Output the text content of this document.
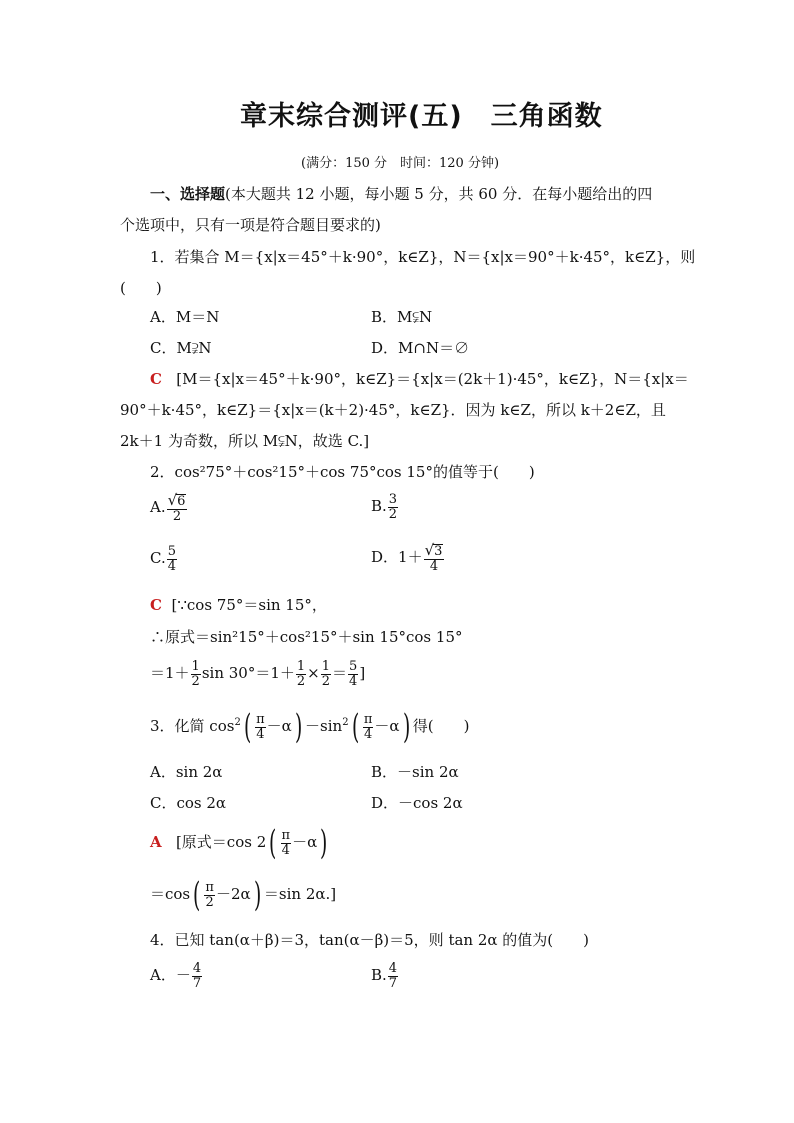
章末综合测评(五)　三角函数
(满分：150 分　时间：120 分钟)
一、选择题(本大题共 12 小题，每小题 5 分，共 60 分．在每小题给出的四
个选项中，只有一项是符合题目要求的)
1．若集合 M＝{x|x＝45°＋k·90°，k∈Z}，N＝{x|x＝90°＋k·45°，k∈Z}，则
(　　)
A．M＝N	B．M⫋N
C．M⫌N	D．M∩N＝∅
C [M＝{x|x＝45°＋k·90°，k∈Z}＝{x|x＝(2k＋1)·45°，k∈Z}，N＝{x|x＝
90°＋k·45°，k∈Z}＝{x|x＝(k＋2)·45°，k∈Z}．因为 k∈Z，所以 k＋2∈Z，且
2k＋1 为奇数，所以 M⫋N，故选 C.]
2．cos²75°＋cos²15°＋cos 75°cos 15°的值等于(　　)
A. $\frac{√6}{2}$	B. $\frac{3}{2}$
C. $\frac{5}{4}$	D．$1+ \frac{√3}{4}$
C [∵cos 75°＝sin 15°，
∴原式＝sin²15°＋cos²15°＋sin 15°cos 15°
$=1+ \frac{1}{2}$ $\sin 30^\circ=1+ \frac{1}{2} \times \frac{1}{2} = \frac{5}{4}$ ]
3．化简 $\cos^2( \frac{\pi}{4} -\alpha) -\sin^2( \frac{\pi}{4} -\alpha)$ 得(　　)
A．sin 2α	B．－sin 2α
C．cos 2α	D．－cos 2α
A [原式＝cos $2( \frac{\pi}{4} -\alpha)$
$=\cos( \frac{\pi}{2} -2\alpha) =\sin$ 2α.]
4．已知 tan(α＋β)＝3，tan(α－β)＝5，则 tan 2α 的值为(　　)
A．－ $\frac{4}{7}$	B. $\frac{4}{7}$
